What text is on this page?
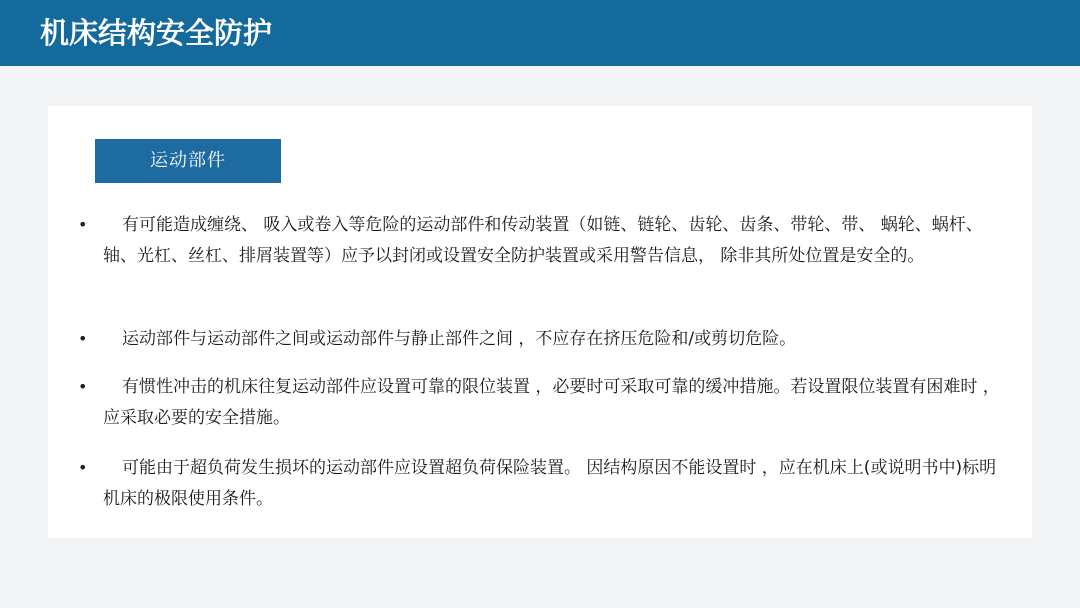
机床结构安全防护
运动部件
•	有可能造成缠绕、 吸入或卷入等危险的运动部件和传动装置（如链、链轮、齿轮、齿条、带轮、带、 蜗轮、蜗杆、轴、光杠、丝杠、排屑装置等）应予以封闭或设置安全防护装置或采用警告信息， 除非其所处位置是安全的。

•	运动部件与运动部件之间或运动部件与静止部件之间 ，不应存在挤压危险和/或剪切危险。

•	有惯性冲击的机床往复运动部件应设置可靠的限位装置 ，必要时可采取可靠的缓冲措施。若设置限位装置有困难时 ，应采取必要的安全措施。

•	可能由于超负荷发生损坏的运动部件应设置超负荷保险装置。 因结构原因不能设置时 ，应在机床上(或说明书中)标明机床的极限使用条件。
